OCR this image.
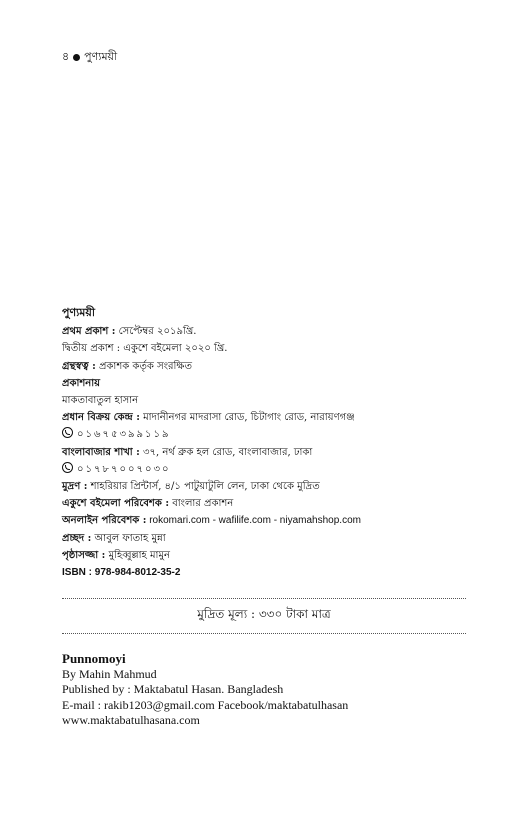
৪ পুণ্যময়ী
পুণ্যময়ী
প্রথম প্রকাশ : সেপ্টেম্বর ২০১৯খ্রি.
দ্বিতীয় প্রকাশ : একুশে বইমেলা ২০২০ খ্রি.
গ্রন্থস্বত্ব : প্রকাশক কর্তৃক সংরক্ষিত
প্রকাশনায়
মাকতাবাতুল হাসান
প্রধান বিক্রয় কেন্দ্র : মাদানীনগর মাদরাসা রোড, চিটাগাং রোড, নারায়ণগঞ্জ
০১৬৭৫৩৯৯১১৯
বাংলাবাজার শাখা : ৩৭, নর্থ ব্রুক হল রোড, বাংলাবাজার, ঢাকা
০১৭৮৭০০৭০৩০
মুদ্রণ : শাহরিয়ার প্রিন্টার্স, ৪/১ পাটুয়াটুলি লেন, ঢাকা থেকে মুদ্রিত
একুশে বইমেলা পরিবেশক : বাংলার প্রকাশন
অনলাইন পরিবেশক : rokomari.com - wafilife.com - niyamahshop.com
প্রচ্ছদ : আবুল ফাতাহ মুন্না
পৃষ্ঠাসজ্জা : মুহিব্বুল্লাহ মামুন
ISBN : 978-984-8012-35-2
মুদ্রিত মূল্য : ৩৩০ টাকা মাত্র
Punnomoyi
By Mahin Mahmud
Published by : Maktabatul Hasan. Bangladesh
E-mail : rakib1203@gmail.com Facebook/maktabatulhasan
www.maktabatulhasana.com
